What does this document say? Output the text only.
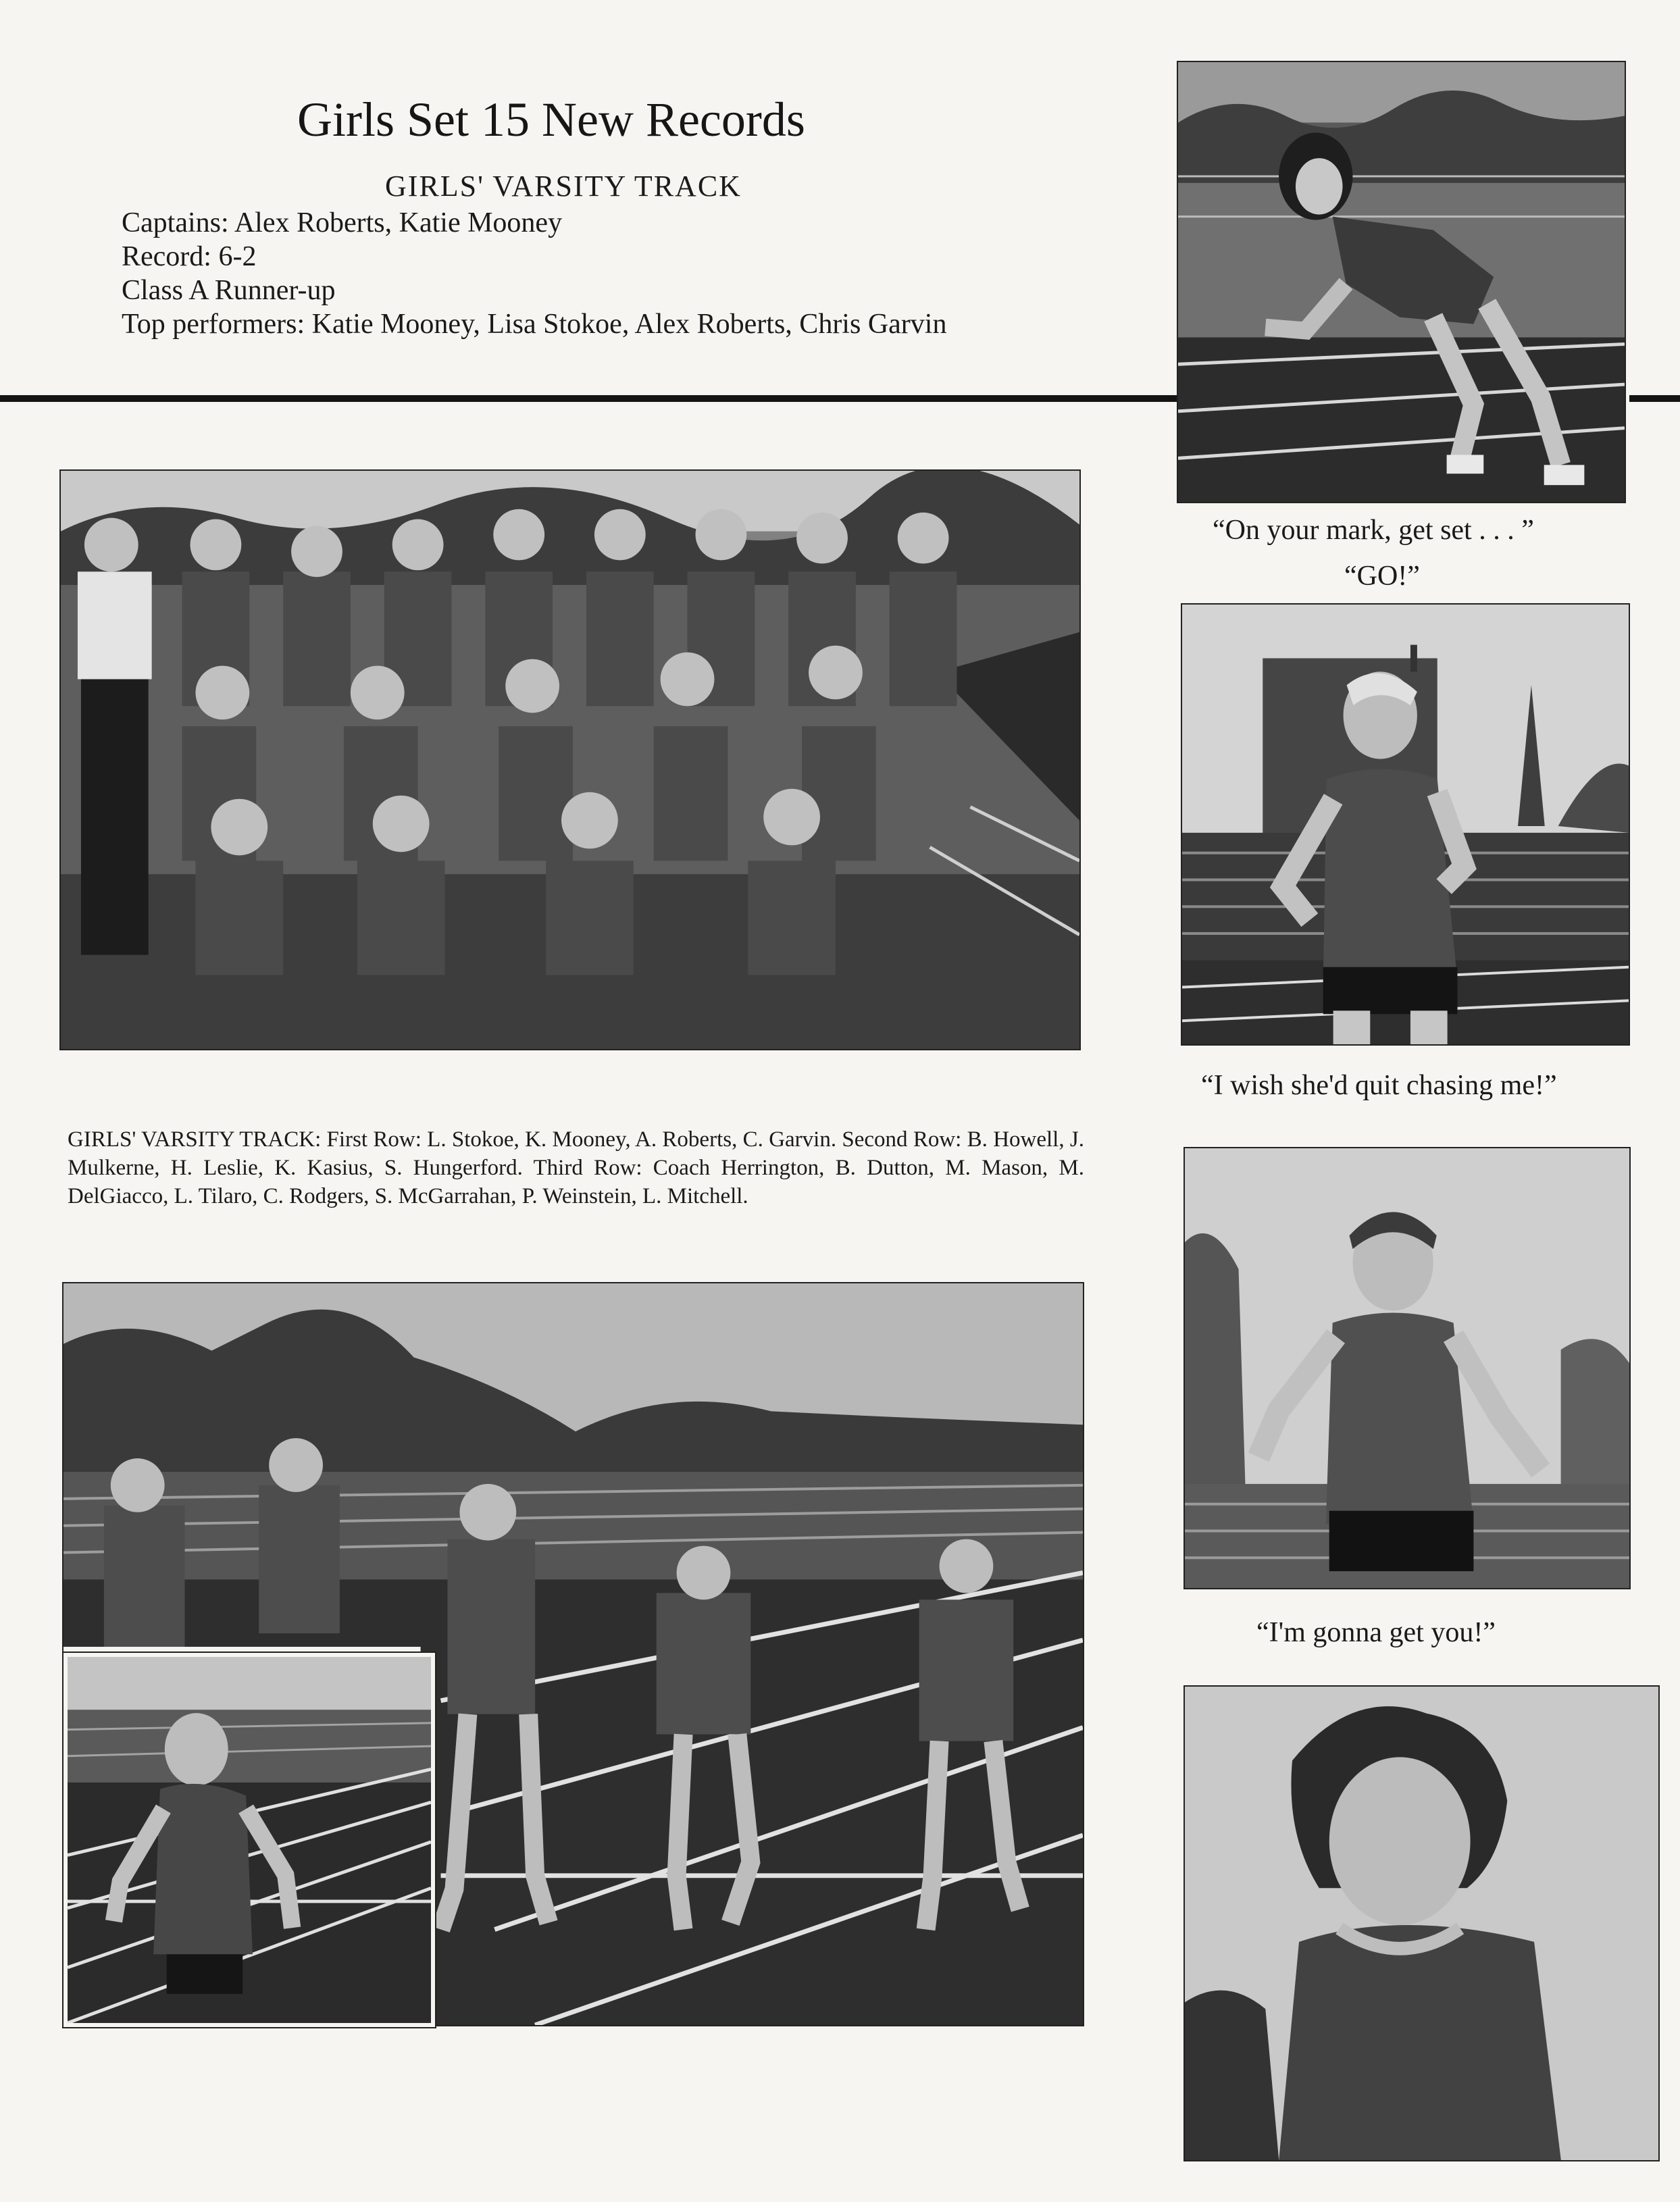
Girls Set 15 New Records
GIRLS' VARSITY TRACK
Captains: Alex Roberts, Katie Mooney
Record: 6-2
Class A Runner-up
Top performers: Katie Mooney, Lisa Stokoe, Alex Roberts, Chris Garvin
“On your mark, get set . . . ”
“GO!”
GIRLS' VARSITY TRACK: First Row: L. Stokoe, K. Mooney, A. Roberts, C. Garvin. Second Row: B. Howell, J. Mulkerne, H. Leslie, K. Kasius, S. Hungerford. Third Row: Coach Herrington, B. Dutton, M. Mason, M. DelGiacco, L. Tilaro, C. Rodgers, S. McGarrahan, P. Weinstein, L. Mitchell.
“I wish she'd quit chasing me!”
“I'm gonna get you!”
